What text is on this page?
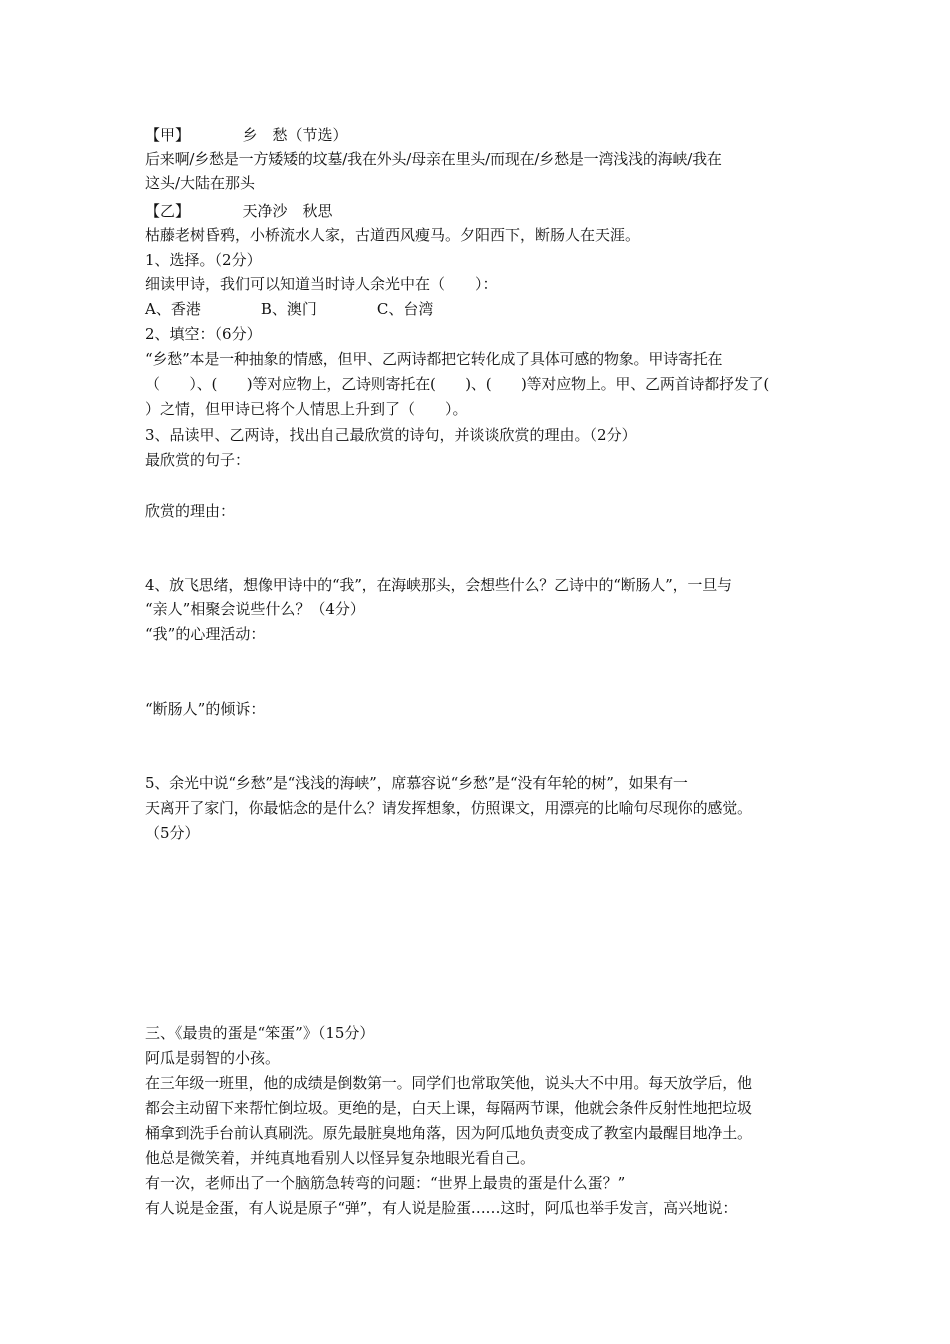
【甲】　　　　乡　愁（节选）
后来啊/乡愁是一方矮矮的坟墓/我在外头/母亲在里头/而现在/乡愁是一湾浅浅的海峡/我在
这头/大陆在那头
【乙】　　　　天净沙　秋思
枯藤老树昏鸦，小桥流水人家，古道西风瘦马。夕阳西下，断肠人在天涯。
1、选择。（2分）
细读甲诗，我们可以知道当时诗人余光中在（　　）：
A、香港　　　　B、澳门　　　　C、台湾
2、填空：（6分）
“乡愁”本是一种抽象的情感，但甲、乙两诗都把它转化成了具体可感的物象。甲诗寄托在
（　　）、(　　)等对应物上，乙诗则寄托在(　　)、(　　)等对应物上。甲、乙两首诗都抒发了(
）之情，但甲诗已将个人情思上升到了（　　）。
3、品读甲、乙两诗，找出自己最欣赏的诗句，并谈谈欣赏的理由。（2分）
最欣赏的句子：
欣赏的理由：
4、放飞思绪，想像甲诗中的“我”，在海峡那头，会想些什么？乙诗中的“断肠人”，一旦与
“亲人”相聚会说些什么？（4分）
“我”的心理活动：
“断肠人”的倾诉：
5、余光中说“乡愁”是“浅浅的海峡”，席慕容说“乡愁”是“没有年轮的树”，如果有一
天离开了家门，你最惦念的是什么？请发挥想象，仿照课文，用漂亮的比喻句尽现你的感觉。
（5分）
三、《最贵的蛋是“笨蛋”》（15分）
阿瓜是弱智的小孩。
在三年级一班里，他的成绩是倒数第一。同学们也常取笑他，说头大不中用。每天放学后，他
都会主动留下来帮忙倒垃圾。更绝的是，白天上课，每隔两节课，他就会条件反射性地把垃圾
桶拿到洗手台前认真刷洗。原先最脏臭地角落，因为阿瓜地负责变成了教室内最醒目地净土。
他总是微笑着，并纯真地看别人以怪异复杂地眼光看自己。
有一次，老师出了一个脑筋急转弯的问题：“世界上最贵的蛋是什么蛋？”
有人说是金蛋，有人说是原子“弹”，有人说是脸蛋……这时，阿瓜也举手发言，高兴地说：
